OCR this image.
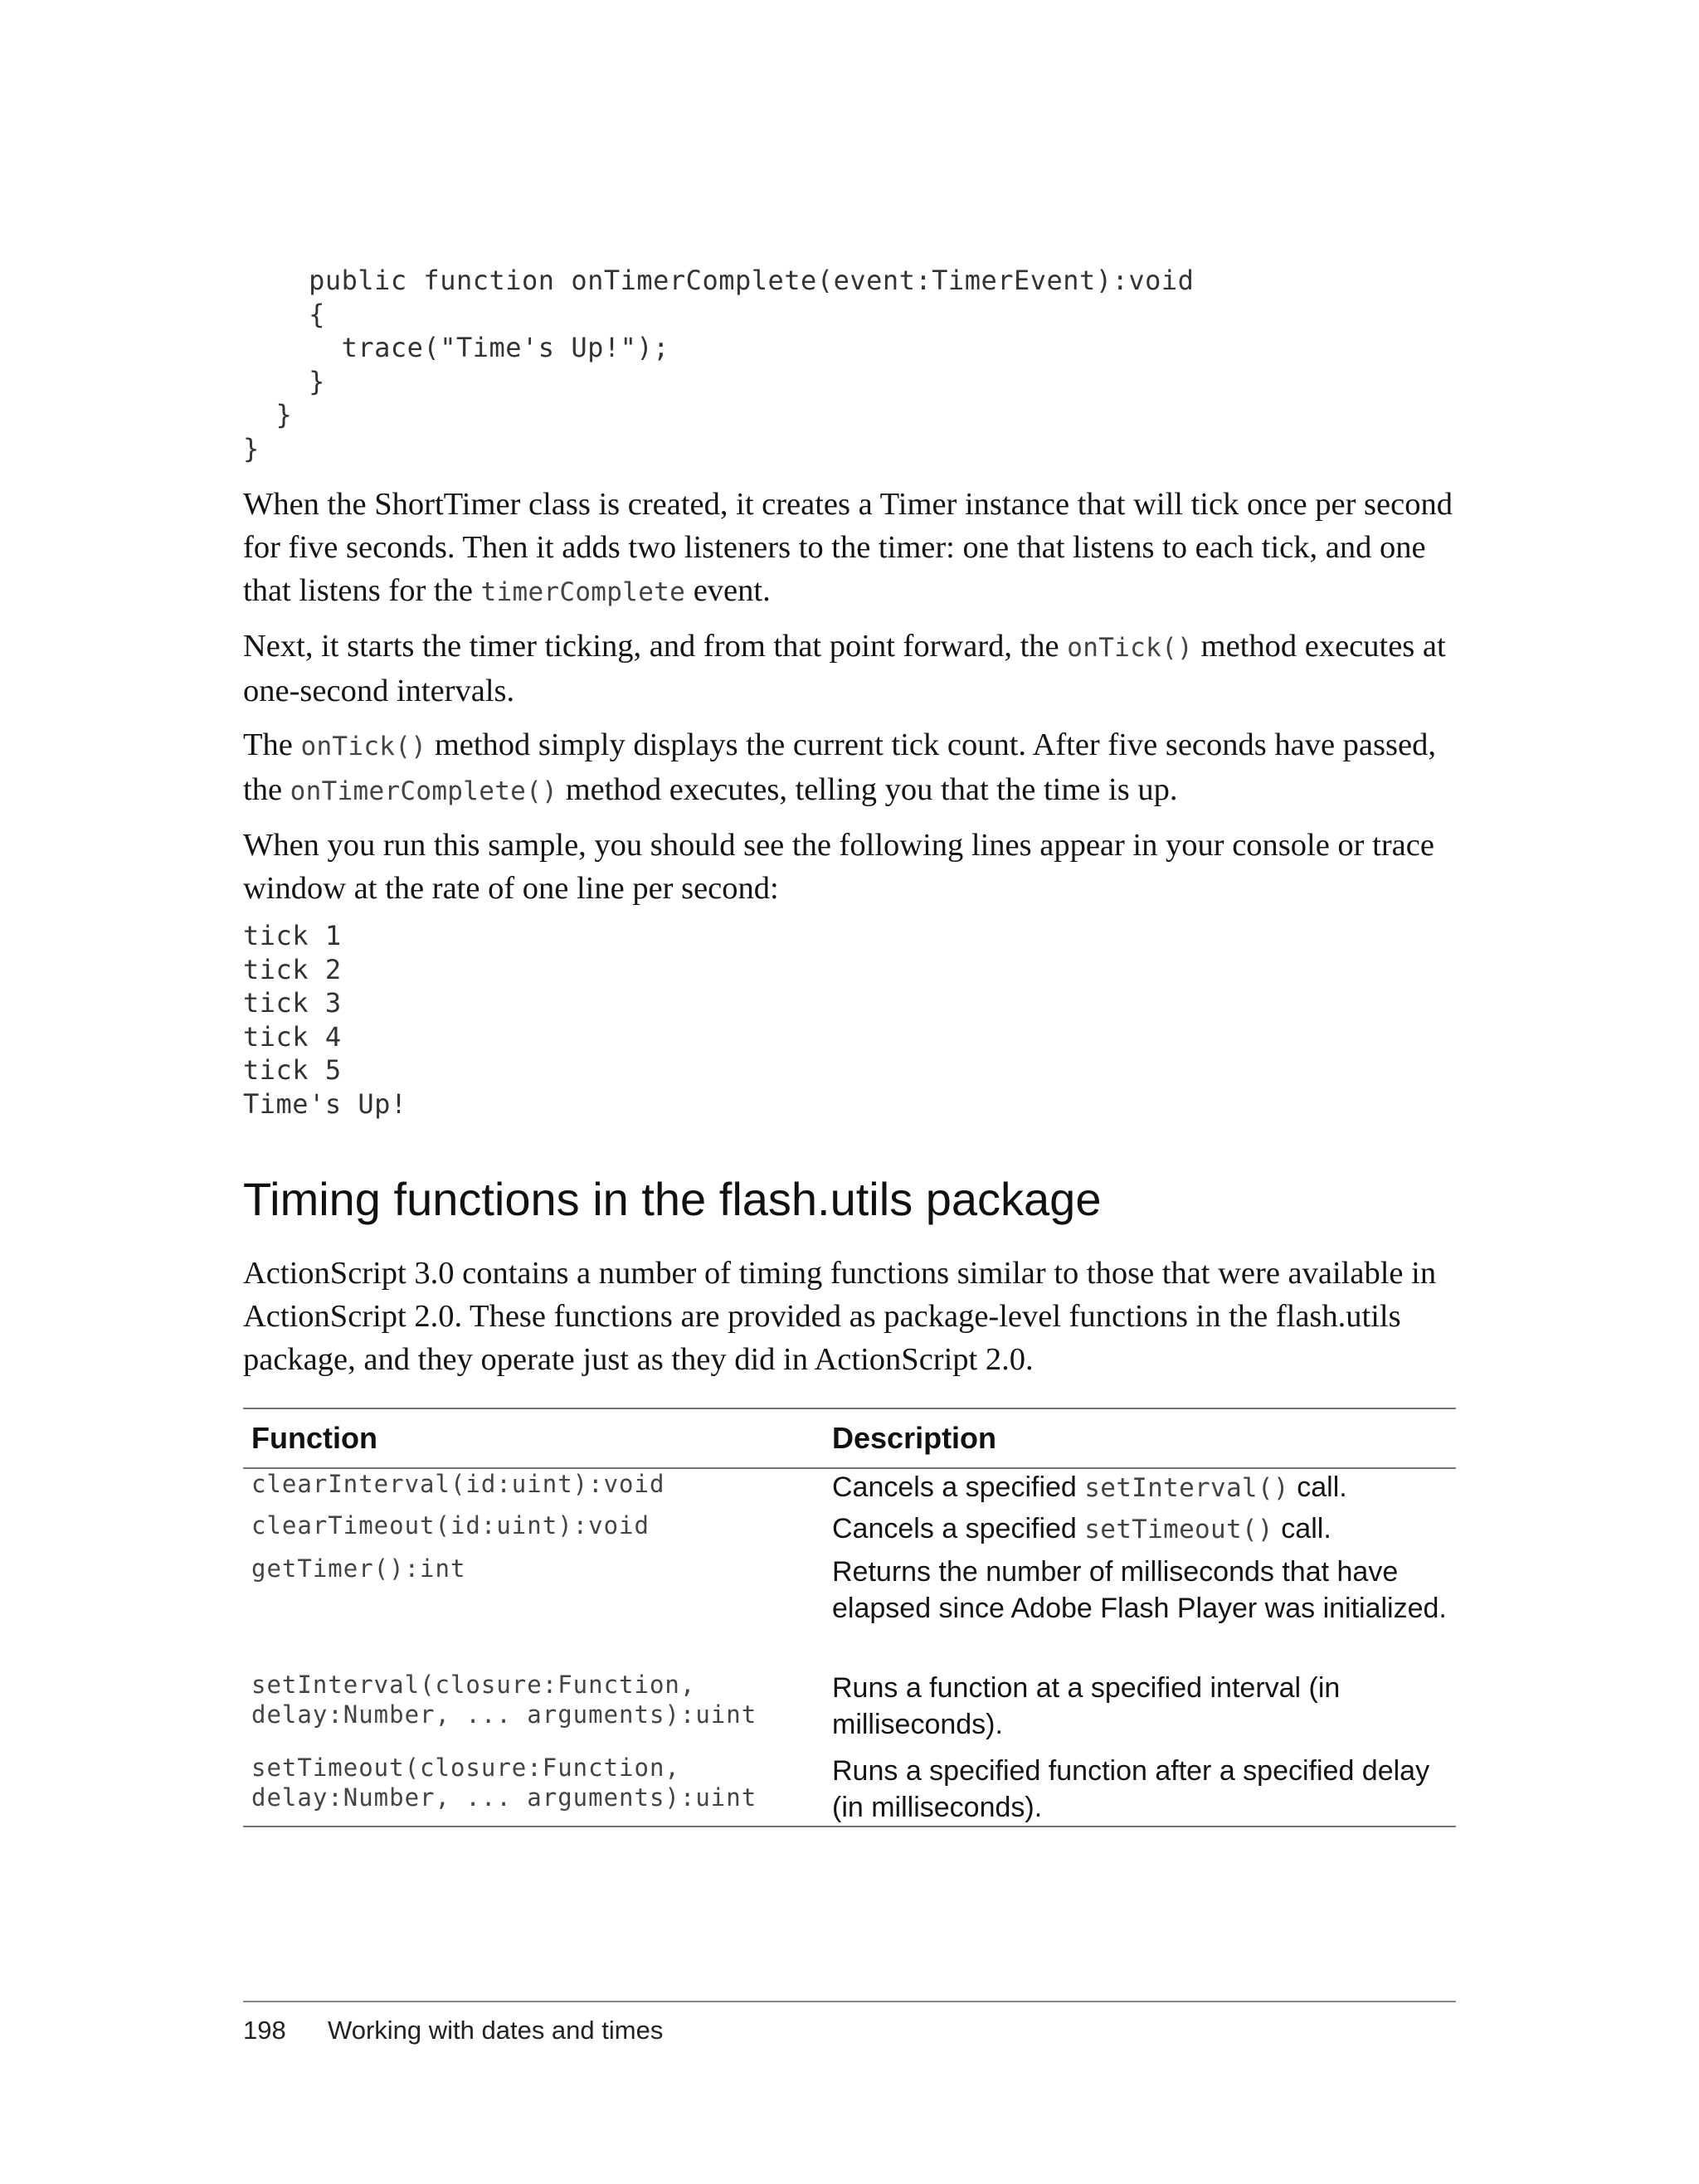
public function onTimerComplete(event:TimerEvent):void
{
trace("Time's Up!");
}
}
}

When the ShortTimer class is created, it creates a Timer instance that will tick once per second for five seconds. Then it adds two listeners to the timer: one that listens to each tick, and one that listens for the timerComplete event.

Next, it starts the timer ticking, and from that point forward, the onTick() method executes at one-second intervals.

The onTick() method simply displays the current tick count. After five seconds have passed, the onTimerComplete() method executes, telling you that the time is up.

When you run this sample, you should see the following lines appear in your console or trace window at the rate of one line per second:

tick 1
tick 2
tick 3
tick 4
tick 5
Time's Up!
Timing functions in the flash.utils package

ActionScript 3.0 contains a number of timing functions similar to those that were available in ActionScript 2.0. These functions are provided as package-level functions in the flash.utils package, and they operate just as they did in ActionScript 2.0.

Function	Description
clearInterval(id:uint):void	Cancels a specified setInterval() call.
clearTimeout(id:uint):void	Cancels a specified setTimeout() call.
getTimer():int	Returns the number of milliseconds that have elapsed since Adobe Flash Player was initialized.
setInterval(closure:Function,
delay:Number, ... arguments):uint	Runs a function at a specified interval (in milliseconds).
setTimeout(closure:Function,
delay:Number, ... arguments):uint	Runs a specified function after a specified delay (in milliseconds).
198 Working with dates and times
